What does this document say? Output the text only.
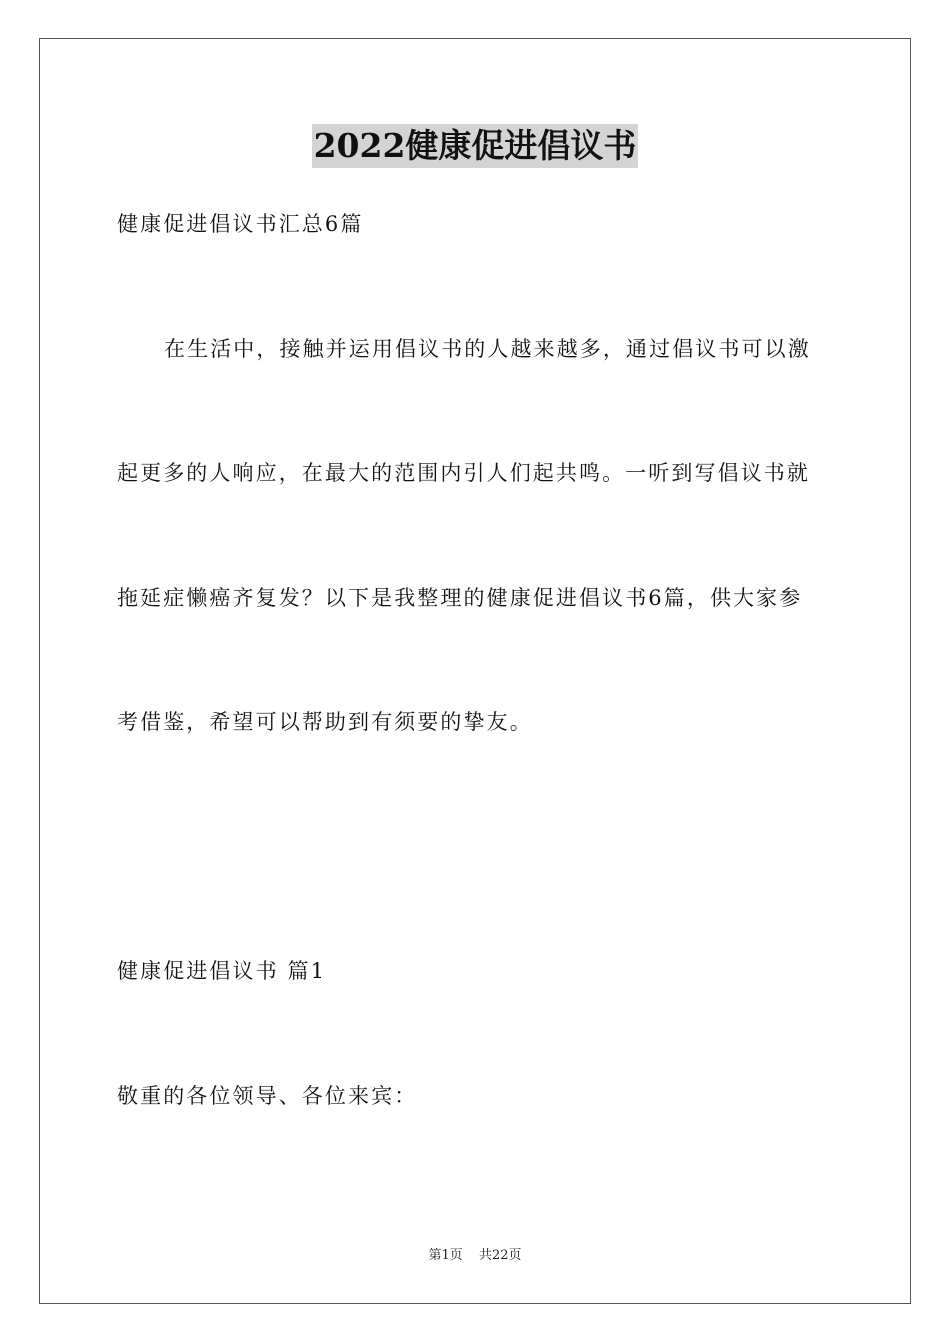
2022健康促进倡议书
健康促进倡议书汇总6篇
在生活中，接触并运用倡议书的人越来越多，通过倡议书可以激
起更多的人响应，在最大的范围内引人们起共鸣。一听到写倡议书就
拖延症懒癌齐复发？以下是我整理的健康促进倡议书6篇，供大家参
考借鉴，希望可以帮助到有须要的挚友。
健康促进倡议书 篇1
敬重的各位领导、各位来宾：
第1页 共22页
